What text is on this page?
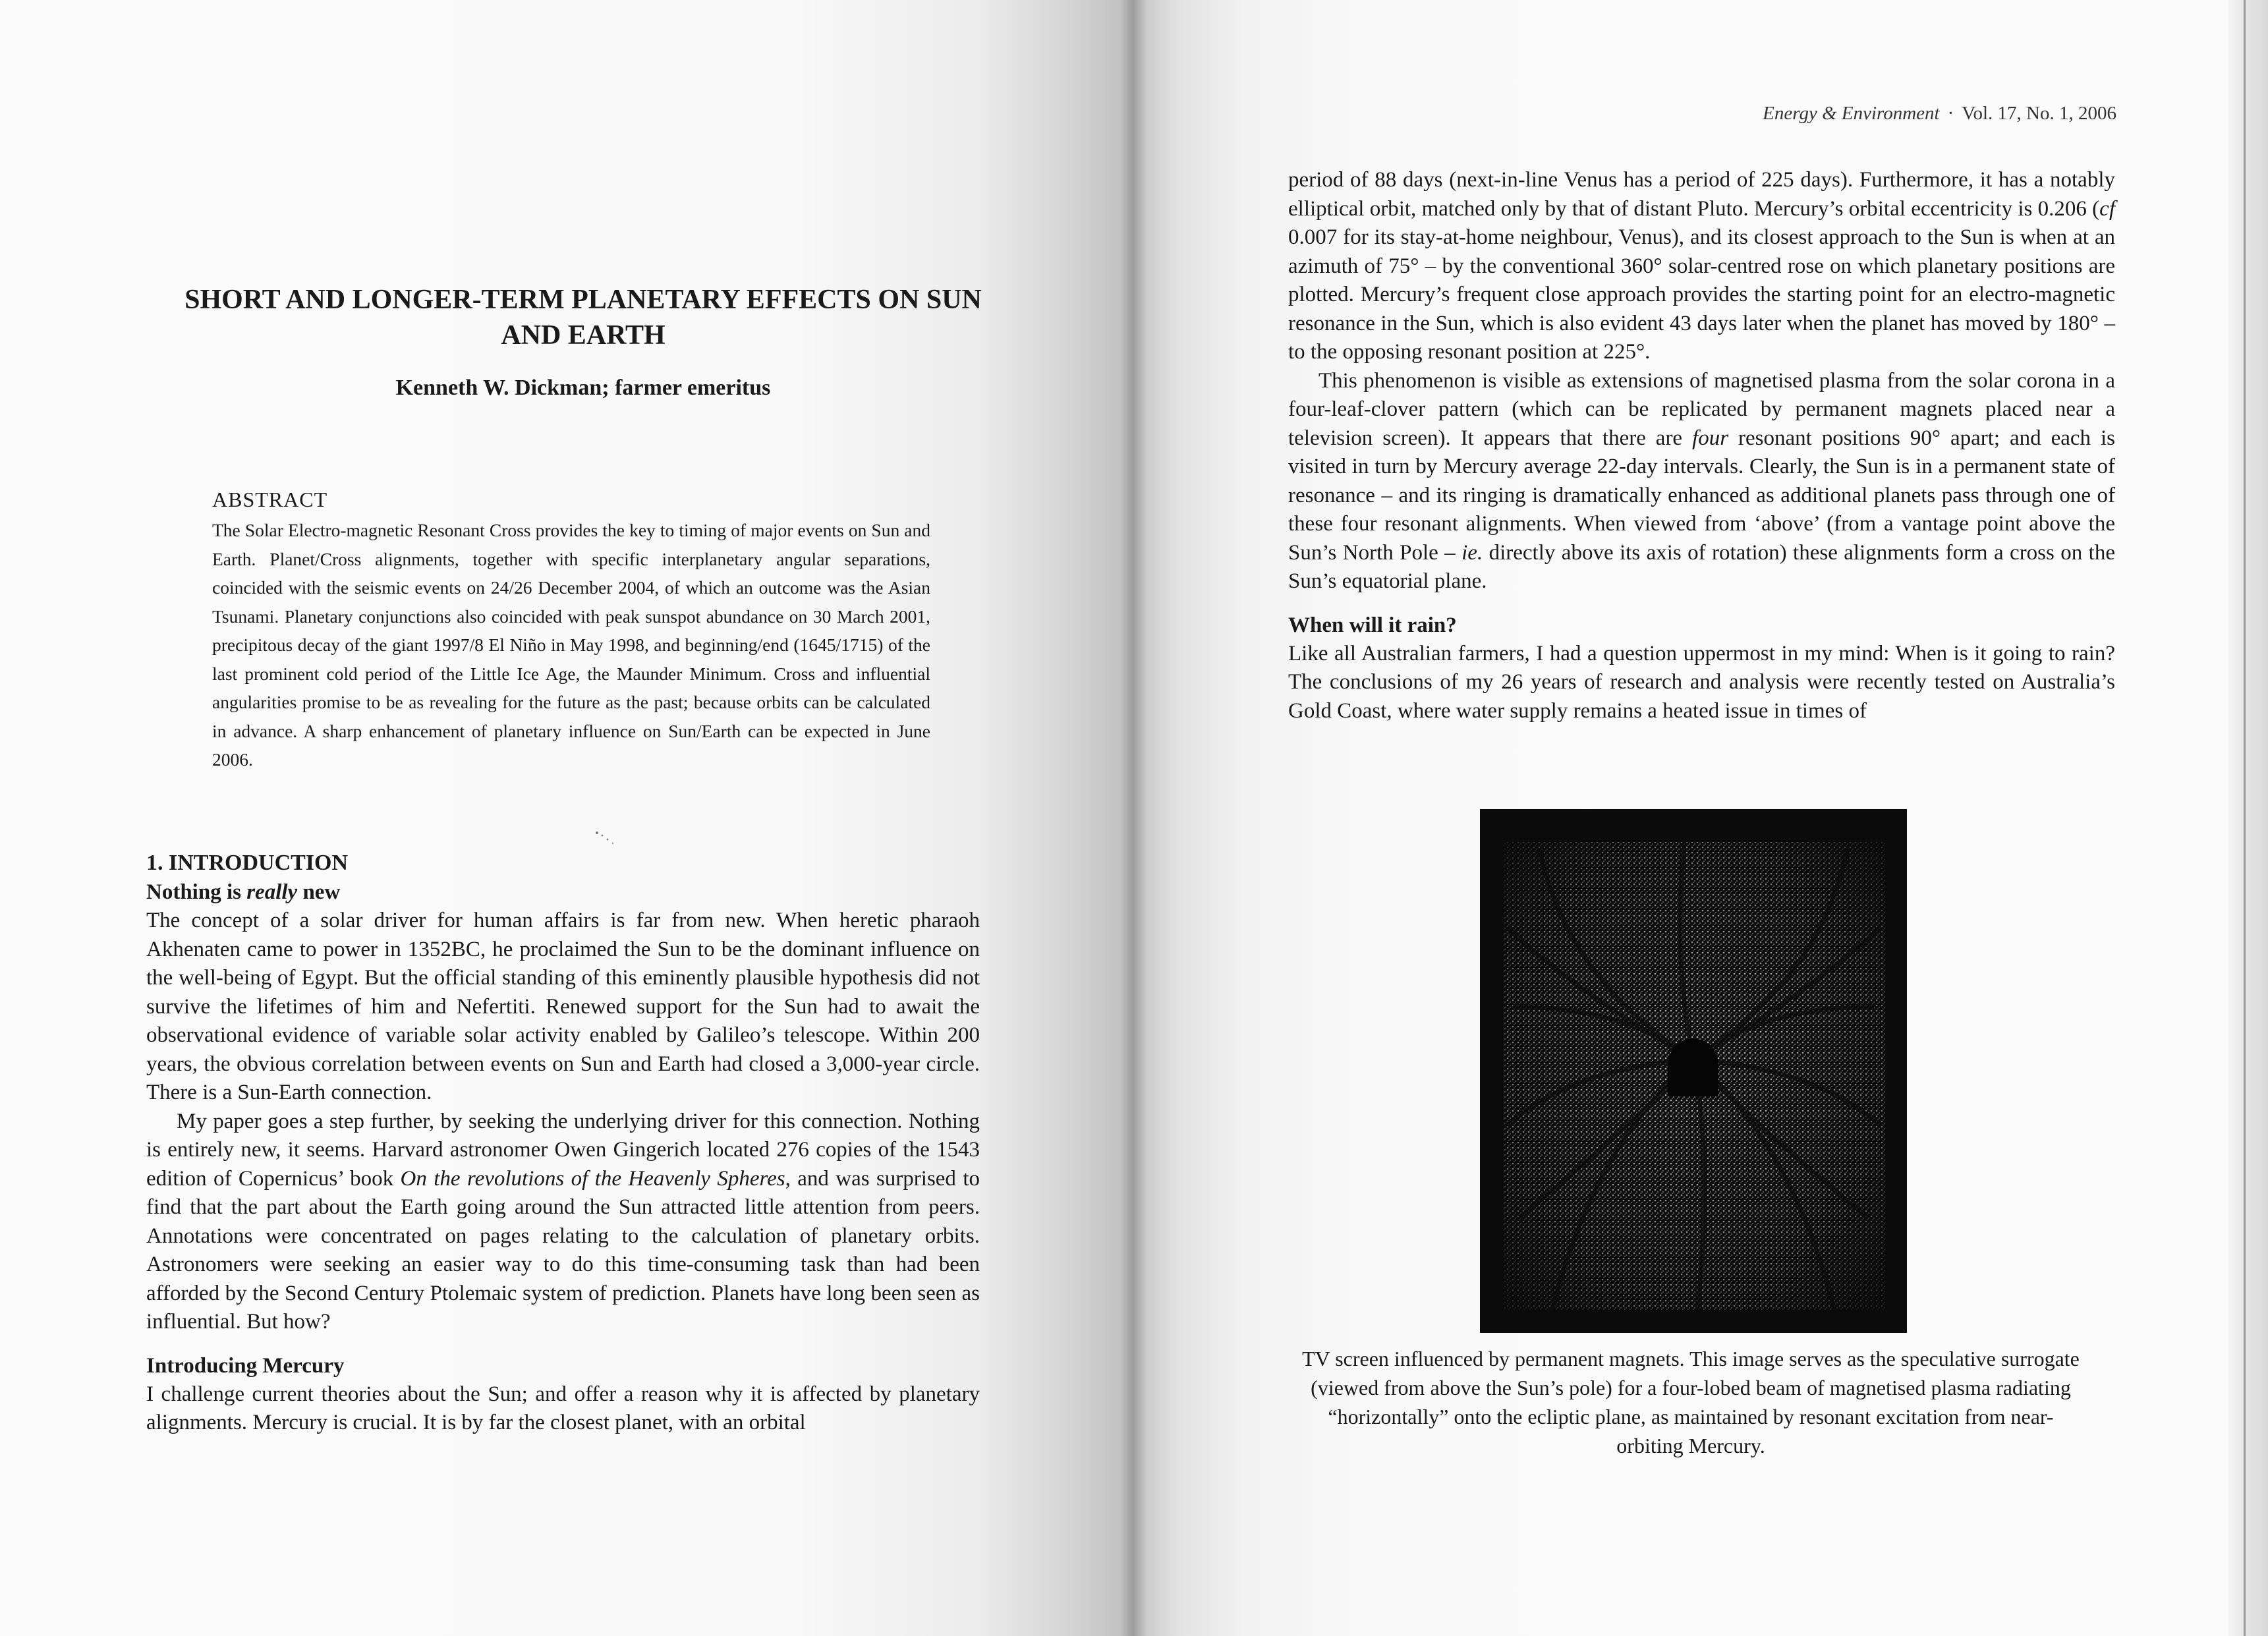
SHORT AND LONGER-TERM PLANETARY EFFECTS ON SUN AND EARTH
Kenneth W. Dickman; farmer emeritus

ABSTRACT

The Solar Electro-magnetic Resonant Cross provides the key to timing of major events on Sun and Earth. Planet/Cross alignments, together with specific interplanetary angular separations, coincided with the seismic events on 24/26 December 2004, of which an outcome was the Asian Tsunami. Planetary conjunctions also coincided with peak sunspot abundance on 30 March 2001, precipitous decay of the giant 1997/8 El Niño in May 1998, and beginning/end (1645/1715) of the last prominent cold period of the Little Ice Age, the Maunder Minimum. Cross and influential angularities promise to be as revealing for the future as the past; because orbits can be calculated in advance. A sharp enhancement of planetary influence on Sun/Earth can be expected in June 2006.

1. INTRODUCTION

Nothing is really new

The concept of a solar driver for human affairs is far from new. When heretic pharaoh Akhenaten came to power in 1352BC, he proclaimed the Sun to be the dominant influence on the well-being of Egypt. But the official standing of this eminently plausible hypothesis did not survive the lifetimes of him and Nefertiti. Renewed support for the Sun had to await the observational evidence of variable solar activity enabled by Galileo’s telescope. Within 200 years, the obvious correlation between events on Sun and Earth had closed a 3,000-year circle. There is a Sun-Earth connection.

My paper goes a step further, by seeking the underlying driver for this connection. Nothing is entirely new, it seems. Harvard astronomer Owen Gingerich located 276 copies of the 1543 edition of Copernicus’ book On the revolutions of the Heavenly Spheres, and was surprised to find that the part about the Earth going around the Sun attracted little attention from peers. Annotations were concentrated on pages relating to the calculation of planetary orbits. Astronomers were seeking an easier way to do this time-consuming task than had been afforded by the Second Century Ptolemaic system of prediction. Planets have long been seen as influential. But how?

Introducing Mercury

I challenge current theories about the Sun; and offer a reason why it is affected by planetary alignments. Mercury is crucial. It is by far the closest planet, with an orbital

Energy & Environment · Vol. 17, No. 1, 2006

period of 88 days (next-in-line Venus has a period of 225 days). Furthermore, it has a notably elliptical orbit, matched only by that of distant Pluto. Mercury’s orbital eccentricity is 0.206 (cf 0.007 for its stay-at-home neighbour, Venus), and its closest approach to the Sun is when at an azimuth of 75° – by the conventional 360° solar-centred rose on which planetary positions are plotted. Mercury’s frequent close approach provides the starting point for an electro-magnetic resonance in the Sun, which is also evident 43 days later when the planet has moved by 180° – to the opposing resonant position at 225°.

This phenomenon is visible as extensions of magnetised plasma from the solar corona in a four-leaf-clover pattern (which can be replicated by permanent magnets placed near a television screen). It appears that there are four resonant positions 90° apart; and each is visited in turn by Mercury average 22-day intervals. Clearly, the Sun is in a permanent state of resonance – and its ringing is dramatically enhanced as additional planets pass through one of these four resonant alignments. When viewed from ‘above’ (from a vantage point above the Sun’s North Pole – ie. directly above its axis of rotation) these alignments form a cross on the Sun’s equatorial plane.

When will it rain?

Like all Australian farmers, I had a question uppermost in my mind: When is it going to rain? The conclusions of my 26 years of research and analysis were recently tested on Australia’s Gold Coast, where water supply remains a heated issue in times of

TV screen influenced by permanent magnets. This image serves as the speculative surrogate (viewed from above the Sun’s pole) for a four-lobed beam of magnetised plasma radiating “horizontally” onto the ecliptic plane, as maintained by resonant excitation from near-orbiting Mercury.
